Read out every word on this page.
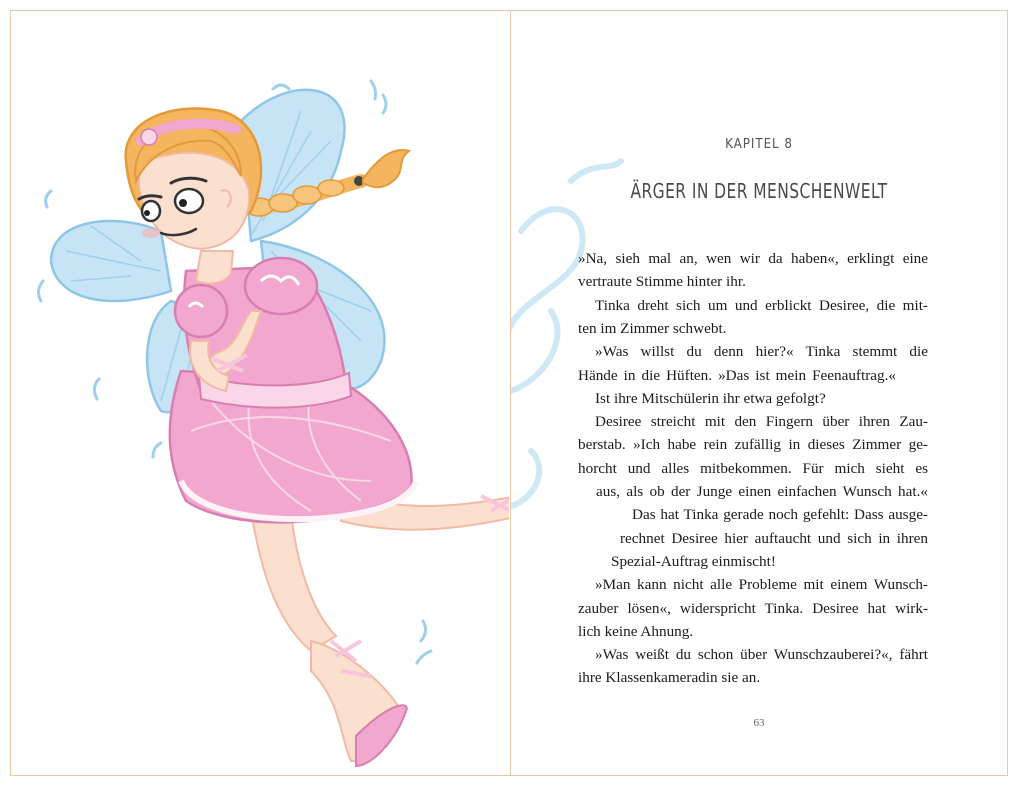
KAPITEL 8
ÄRGER IN DER MENSCHENWELT
»Na, sieh mal an, wen wir da haben«, erklingt eine
vertraute Stimme hinter ihr.
Tinka dreht sich um und erblickt Desiree, die mit-
ten im Zimmer schwebt.
»Was willst du denn hier?« Tinka stemmt die
Hände in die Hüften. »Das ist mein Feenauftrag.«
Ist ihre Mitschülerin ihr etwa gefolgt?
Desiree streicht mit den Fingern über ihren Zau-
berstab. »Ich habe rein zufällig in dieses Zimmer ge-
horcht und alles mitbekommen. Für mich sieht es
aus, als ob der Junge einen einfachen Wunsch hat.«
Das hat Tinka gerade noch gefehlt: Dass ausge-
rechnet Desiree hier auftaucht und sich in ihren
Spezial-Auftrag einmischt!
»Man kann nicht alle Probleme mit einem Wunsch-
zauber lösen«, widerspricht Tinka. Desiree hat wirk-
lich keine Ahnung.
»Was weißt du schon über Wunschzauberei?«, fährt
ihre Klassenkameradin sie an.
63
